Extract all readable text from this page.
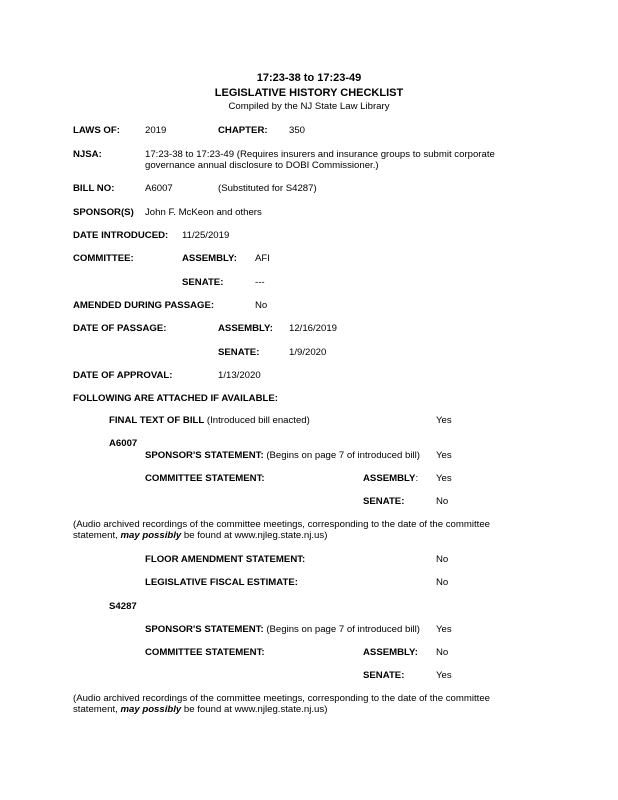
17:23-38 to 17:23-49
LEGISLATIVE HISTORY CHECKLIST
Compiled by the NJ State Law Library
LAWS OF:	2019	CHAPTER: 350
NJSA:	17:23-38 to 17:23-49 (Requires insurers and insurance groups to submit corporate
governance annual disclosure to DOBI Commissioner.)
BILL NO:	A6007	(Substituted for S4287)
SPONSOR(S) John F. McKeon and others
DATE INTRODUCED: 11/25/2019
COMMITTEE:	ASSEMBLY: AFI
SENATE:	---
AMENDED DURING PASSAGE:	No
DATE OF PASSAGE:	ASSEMBLY: 12/16/2019
SENATE:	1/9/2020
DATE OF APPROVAL:	1/13/2020
FOLLOWING ARE ATTACHED IF AVAILABLE:
FINAL TEXT OF BILL (Introduced bill enacted)	Yes
A6007
SPONSOR'S STATEMENT: (Begins on page 7 of introduced bill) Yes
COMMITTEE STATEMENT:	ASSEMBLY: Yes
SENATE:	No
(Audio archived recordings of the committee meetings, corresponding to the date of the committee
statement, may possibly be found at www.njleg.state.nj.us)
FLOOR AMENDMENT STATEMENT:	No
LEGISLATIVE FISCAL ESTIMATE:	No
S4287
SPONSOR'S STATEMENT: (Begins on page 7 of introduced bill) Yes
COMMITTEE STATEMENT:	ASSEMBLY: No
SENATE:	Yes
(Audio archived recordings of the committee meetings, corresponding to the date of the committee
statement, may possibly be found at www.njleg.state.nj.us)
